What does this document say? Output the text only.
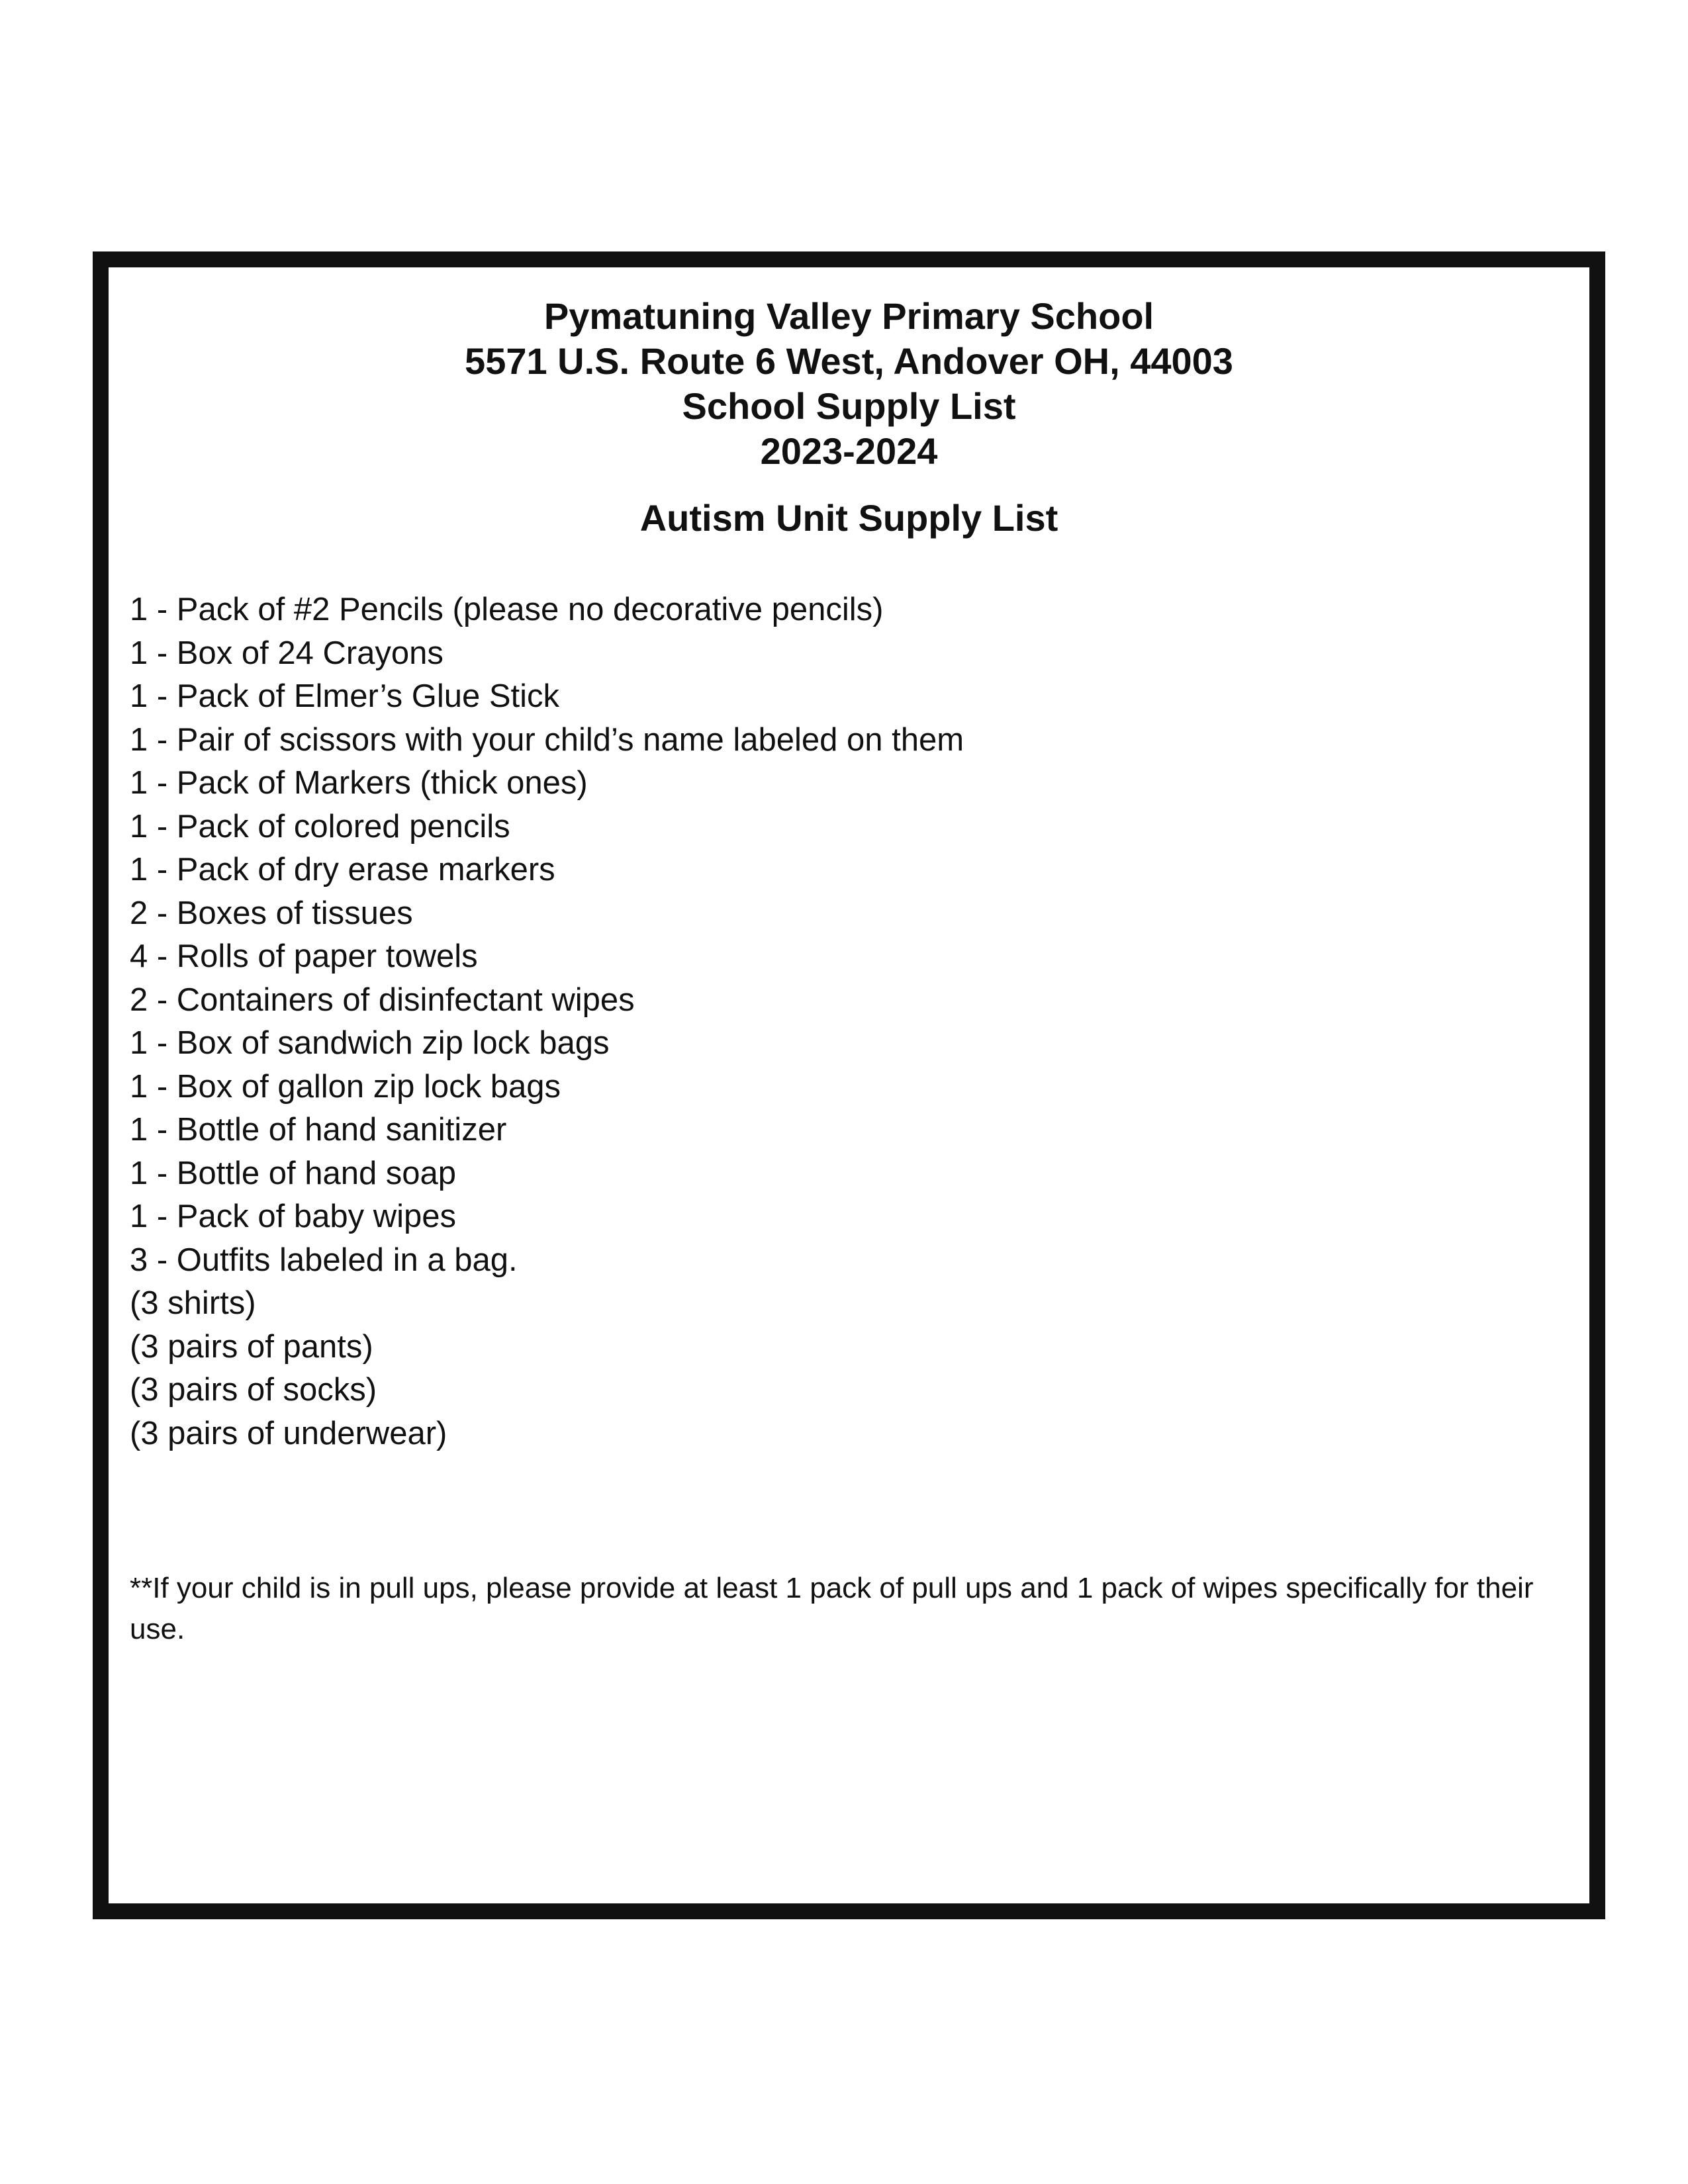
Pymatuning Valley Primary School
5571 U.S. Route 6 West, Andover OH, 44003
School Supply List
2023-2024
Autism Unit Supply List
1 - Pack of #2 Pencils (please no decorative pencils)
1 - Box of 24 Crayons
1 - Pack of Elmer’s Glue Stick
1 - Pair of scissors with your child’s name labeled on them
1 - Pack of Markers (thick ones)
1 - Pack of colored pencils
1 - Pack of dry erase markers
2 - Boxes of tissues
4 - Rolls of paper towels
2 - Containers of disinfectant wipes
1 - Box of sandwich zip lock bags
1 - Box of gallon zip lock bags
1 - Bottle of hand sanitizer
1 - Bottle of hand soap
1 - Pack of baby wipes
3 - Outfits labeled in a bag.
(3 shirts)
(3 pairs of pants)
(3 pairs of socks)
(3 pairs of underwear)
**If your child is in pull ups, please provide at least 1 pack of pull ups and 1 pack of wipes specifically for their use.
